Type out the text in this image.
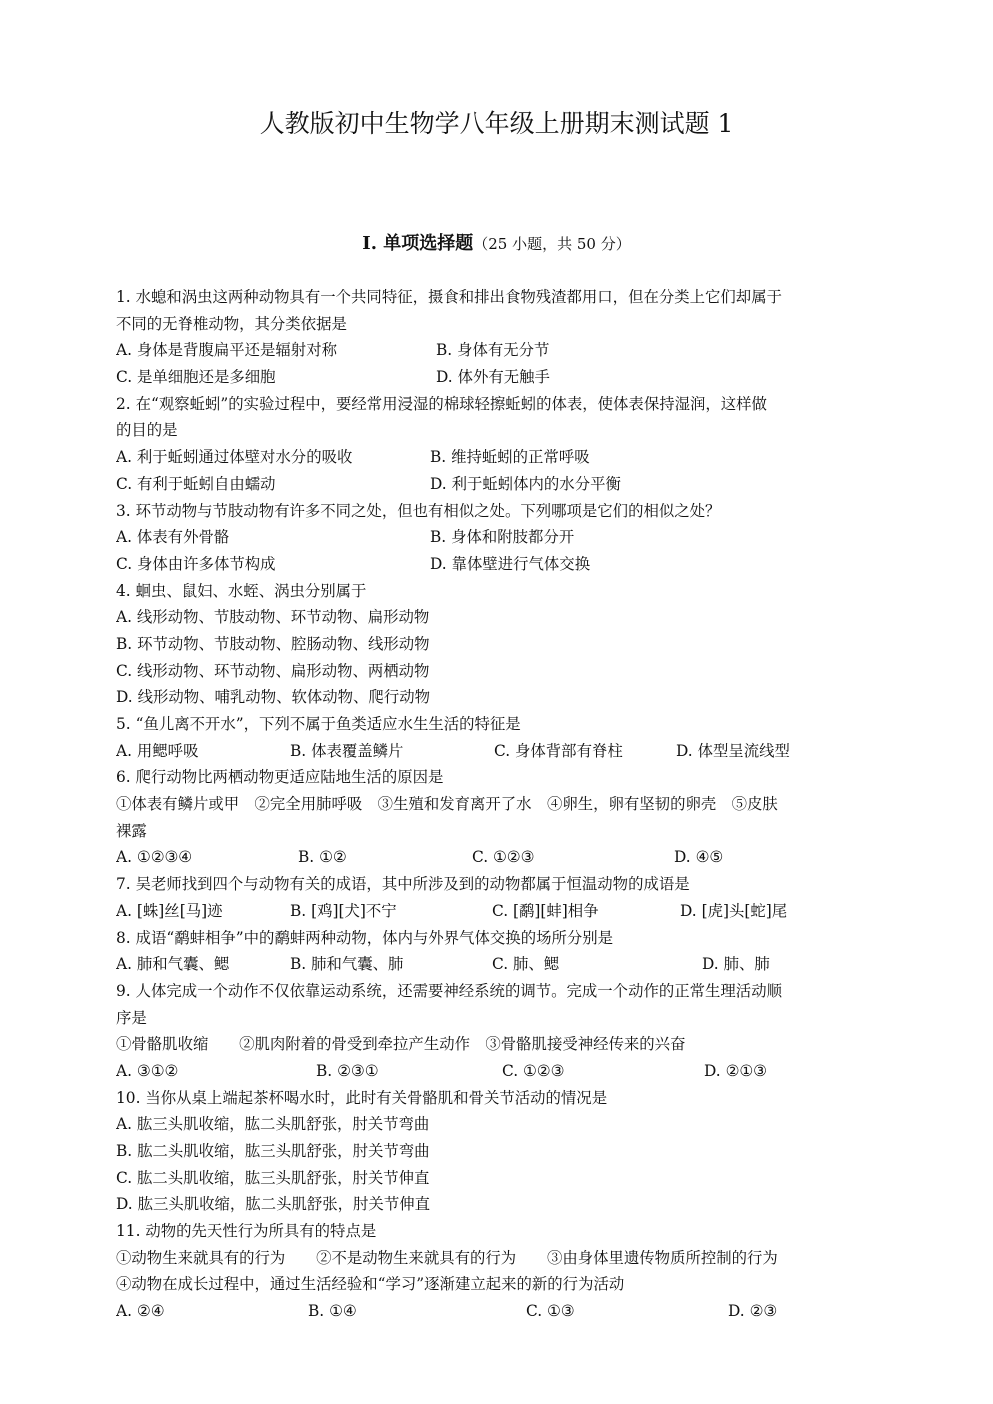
人教版初中生物学八年级上册期末测试题 1
I. 单项选择题（25 小题，共 50 分）
1. 水螅和涡虫这两种动物具有一个共同特征，摄食和排出食物残渣都用口，但在分类上它们却属于
不同的无脊椎动物，其分类依据是
A. 身体是背腹扁平还是辐射对称	B. 身体有无分节
C. 是单细胞还是多细胞	D. 体外有无触手
2. 在“观察蚯蚓”的实验过程中，要经常用浸湿的棉球轻擦蚯蚓的体表，使体表保持湿润，这样做
的目的是
A. 利于蚯蚓通过体壁对水分的吸收	B. 维持蚯蚓的正常呼吸
C. 有利于蚯蚓自由蠕动	D. 利于蚯蚓体内的水分平衡
3. 环节动物与节肢动物有许多不同之处，但也有相似之处。下列哪项是它们的相似之处？
A. 体表有外骨骼	B. 身体和附肢都分开
C. 身体由许多体节构成	D. 靠体壁进行气体交换
4. 蛔虫、鼠妇、水蛭、涡虫分别属于
A. 线形动物、节肢动物、环节动物、扁形动物
B. 环节动物、节肢动物、腔肠动物、线形动物
C. 线形动物、环节动物、扁形动物、两栖动物
D. 线形动物、哺乳动物、软体动物、爬行动物
5. “鱼儿离不开水”，下列不属于鱼类适应水生生活的特征是
A. 用鳃呼吸	B. 体表覆盖鳞片	C. 身体背部有脊柱	D. 体型呈流线型
6. 爬行动物比两栖动物更适应陆地生活的原因是
①体表有鳞片或甲　②完全用肺呼吸　③生殖和发育离开了水　④卵生，卵有坚韧的卵壳　⑤皮肤
裸露
A. ①②③④	B. ①②	C. ①②③	D. ④⑤
7. 吴老师找到四个与动物有关的成语，其中所涉及到的动物都属于恒温动物的成语是
A. [蛛]丝[马]迹	B. [鸡][犬]不宁	C. [鹬][蚌]相争	D. [虎]头[蛇]尾
8. 成语“鹬蚌相争”中的鹬蚌两种动物，体内与外界气体交换的场所分别是
A. 肺和气囊、鳃	B. 肺和气囊、肺	C. 肺、鳃	D. 肺、肺
9. 人体完成一个动作不仅依靠运动系统，还需要神经系统的调节。完成一个动作的正常生理活动顺
序是
①骨骼肌收缩　　②肌肉附着的骨受到牵拉产生动作　③骨骼肌接受神经传来的兴奋
A. ③①②	B. ②③①	C. ①②③	D. ②①③
10. 当你从桌上端起茶杯喝水时，此时有关骨骼肌和骨关节活动的情况是
A. 肱三头肌收缩，肱二头肌舒张，肘关节弯曲
B. 肱二头肌收缩，肱三头肌舒张，肘关节弯曲
C. 肱二头肌收缩，肱三头肌舒张，肘关节伸直
D. 肱三头肌收缩，肱二头肌舒张，肘关节伸直
11. 动物的先天性行为所具有的特点是
①动物生来就具有的行为　　②不是动物生来就具有的行为　　③由身体里遗传物质所控制的行为
④动物在成长过程中，通过生活经验和“学习”逐渐建立起来的新的行为活动
A. ②④	B. ①④	C. ①③	D. ②③
